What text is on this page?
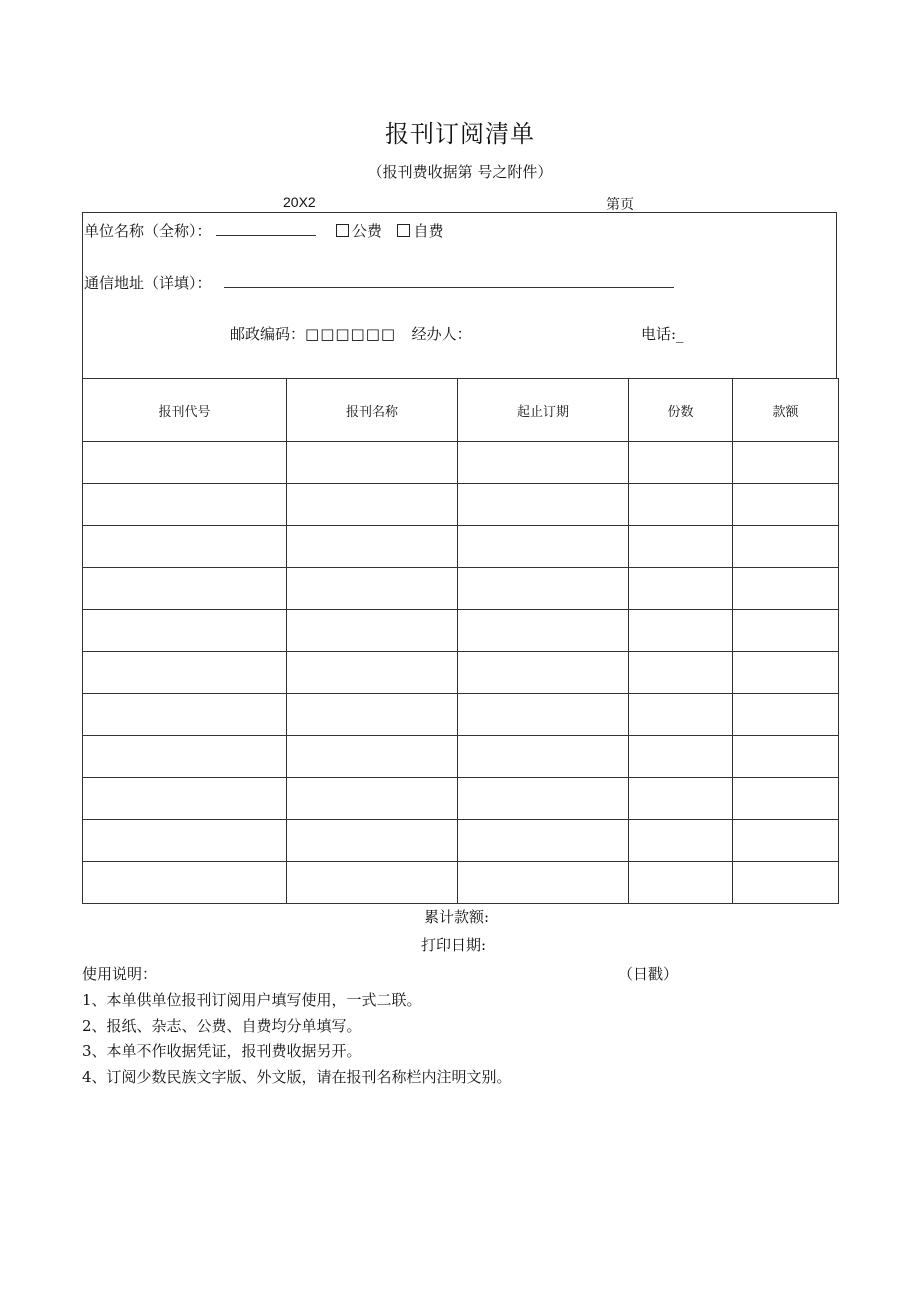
报刊订阅清单
（报刊费收据第 号之附件）
20X2	第页
单位名称（全称）：	公费 自费
通信地址（详填）：
邮政编码：□□□□□□ 经办人：	电话:_
报刊代号	报刊名称	起止订期	份数	款额

累计款额:
打印日期:
使用说明：	（日戳）
1、本单供单位报刊订阅用户填写使用，一式二联。
2、报纸、杂志、公费、自费均分单填写。
3、本单不作收据凭证，报刊费收据另开。
4、订阅少数民族文字版、外文版，请在报刊名称栏内注明文别。
